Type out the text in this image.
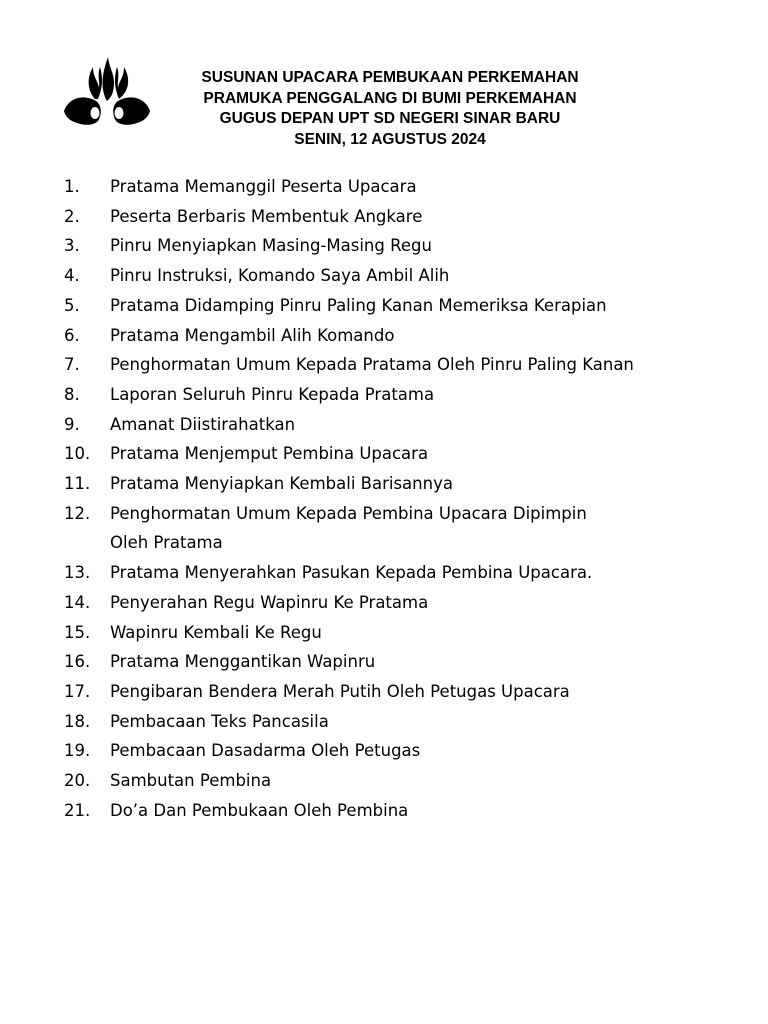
SUSUNAN UPACARA PEMBUKAAN PERKEMAHAN
PRAMUKA PENGGALANG DI BUMI PERKEMAHAN
GUGUS DEPAN UPT SD NEGERI SINAR BARU
SENIN, 12 AGUSTUS 2024
1.	Pratama Memanggil Peserta Upacara
2.	Peserta Berbaris Membentuk Angkare
3.	Pinru Menyiapkan Masing-Masing Regu
4.	Pinru Instruksi, Komando Saya Ambil Alih
5.	Pratama Didamping Pinru Paling Kanan Memeriksa Kerapian
6.	Pratama Mengambil Alih Komando
7.	Penghormatan Umum Kepada Pratama Oleh Pinru Paling Kanan
8.	Laporan Seluruh Pinru Kepada Pratama
9.	Amanat Diistirahatkan
10.	Pratama Menjemput Pembina Upacara
11.	Pratama Menyiapkan Kembali Barisannya
12.	Penghormatan Umum Kepada Pembina Upacara Dipimpin
Oleh Pratama
13.	Pratama Menyerahkan Pasukan Kepada Pembina Upacara.
14.	Penyerahan Regu Wapinru Ke Pratama
15.	Wapinru Kembali Ke Regu
16.	Pratama Menggantikan Wapinru
17.	Pengibaran Bendera Merah Putih Oleh Petugas Upacara
18.	Pembacaan Teks Pancasila
19.	Pembacaan Dasadarma Oleh Petugas
20.	Sambutan Pembina
21.	Do’a Dan Pembukaan Oleh Pembina
